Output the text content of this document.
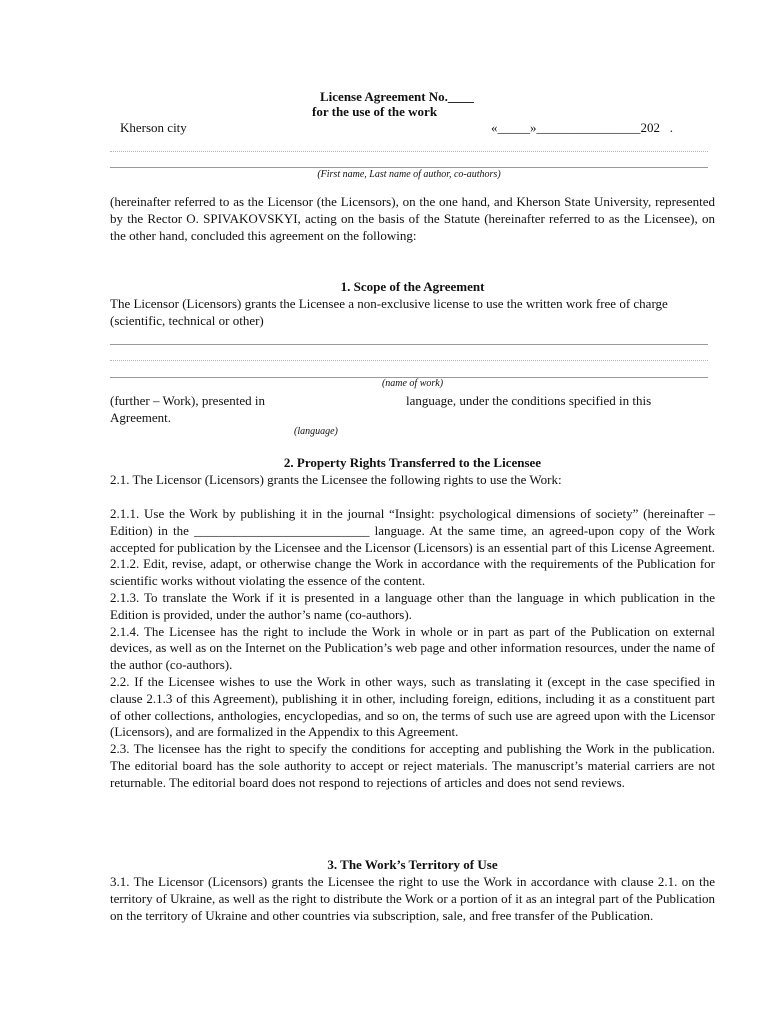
License Agreement No.____
for the use of the work
Kherson city	«_____»________________202   .
(First name, Last name of author, co-authors)
(hereinafter referred to as the Licensor (the Licensors), on the one hand, and Kherson State University, represented by the Rector O. SPIVAKOVSKYI, acting on the basis of the Statute (hereinafter referred to as the Licensee), on the other hand, concluded this agreement on the following:
1. Scope of the Agreement
The Licensor (Licensors) grants the Licensee a non-exclusive license to use the written work free of charge (scientific, technical or other)
(name of work)
(further – Work), presented in	language, under the conditions specified in this
Agreement.
(language)
2. Property Rights Transferred to the Licensee
2.1. The Licensor (Licensors) grants the Licensee the following rights to use the Work:

2.1.1. Use the Work by publishing it in the journal “Insight: psychological dimensions of society” (hereinafter – Edition) in the ___________________________ language. At the same time, an agreed-upon copy of the Work accepted for publication by the Licensee and the Licensor (Licensors) is an essential part of this License Agreement.

2.1.2. Edit, revise, adapt, or otherwise change the Work in accordance with the requirements of the Publication for scientific works without violating the essence of the content.

2.1.3. To translate the Work if it is presented in a language other than the language in which publication in the Edition is provided, under the author’s name (co-authors).

2.1.4. The Licensee has the right to include the Work in whole or in part as part of the Publication on external devices, as well as on the Internet on the Publication’s web page and other information resources, under the name of the author (co-authors).

2.2. If the Licensee wishes to use the Work in other ways, such as translating it (except in the case specified in clause 2.1.3 of this Agreement), publishing it in other, including foreign, editions, including it as a constituent part of other collections, anthologies, encyclopedias, and so on, the terms of such use are agreed upon with the Licensor (Licensors), and are formalized in the Appendix to this Agreement.

2.3. The licensee has the right to specify the conditions for accepting and publishing the Work in the publication. The editorial board has the sole authority to accept or reject materials. The manuscript’s material carriers are not returnable. The editorial board does not respond to rejections of articles and does not send reviews.

3. The Work’s Territory of Use
3.1. The Licensor (Licensors) grants the Licensee the right to use the Work in accordance with clause 2.1. on the territory of Ukraine, as well as the right to distribute the Work or a portion of it as an integral part of the Publication on the territory of Ukraine and other countries via subscription, sale, and free transfer of the Publication.
